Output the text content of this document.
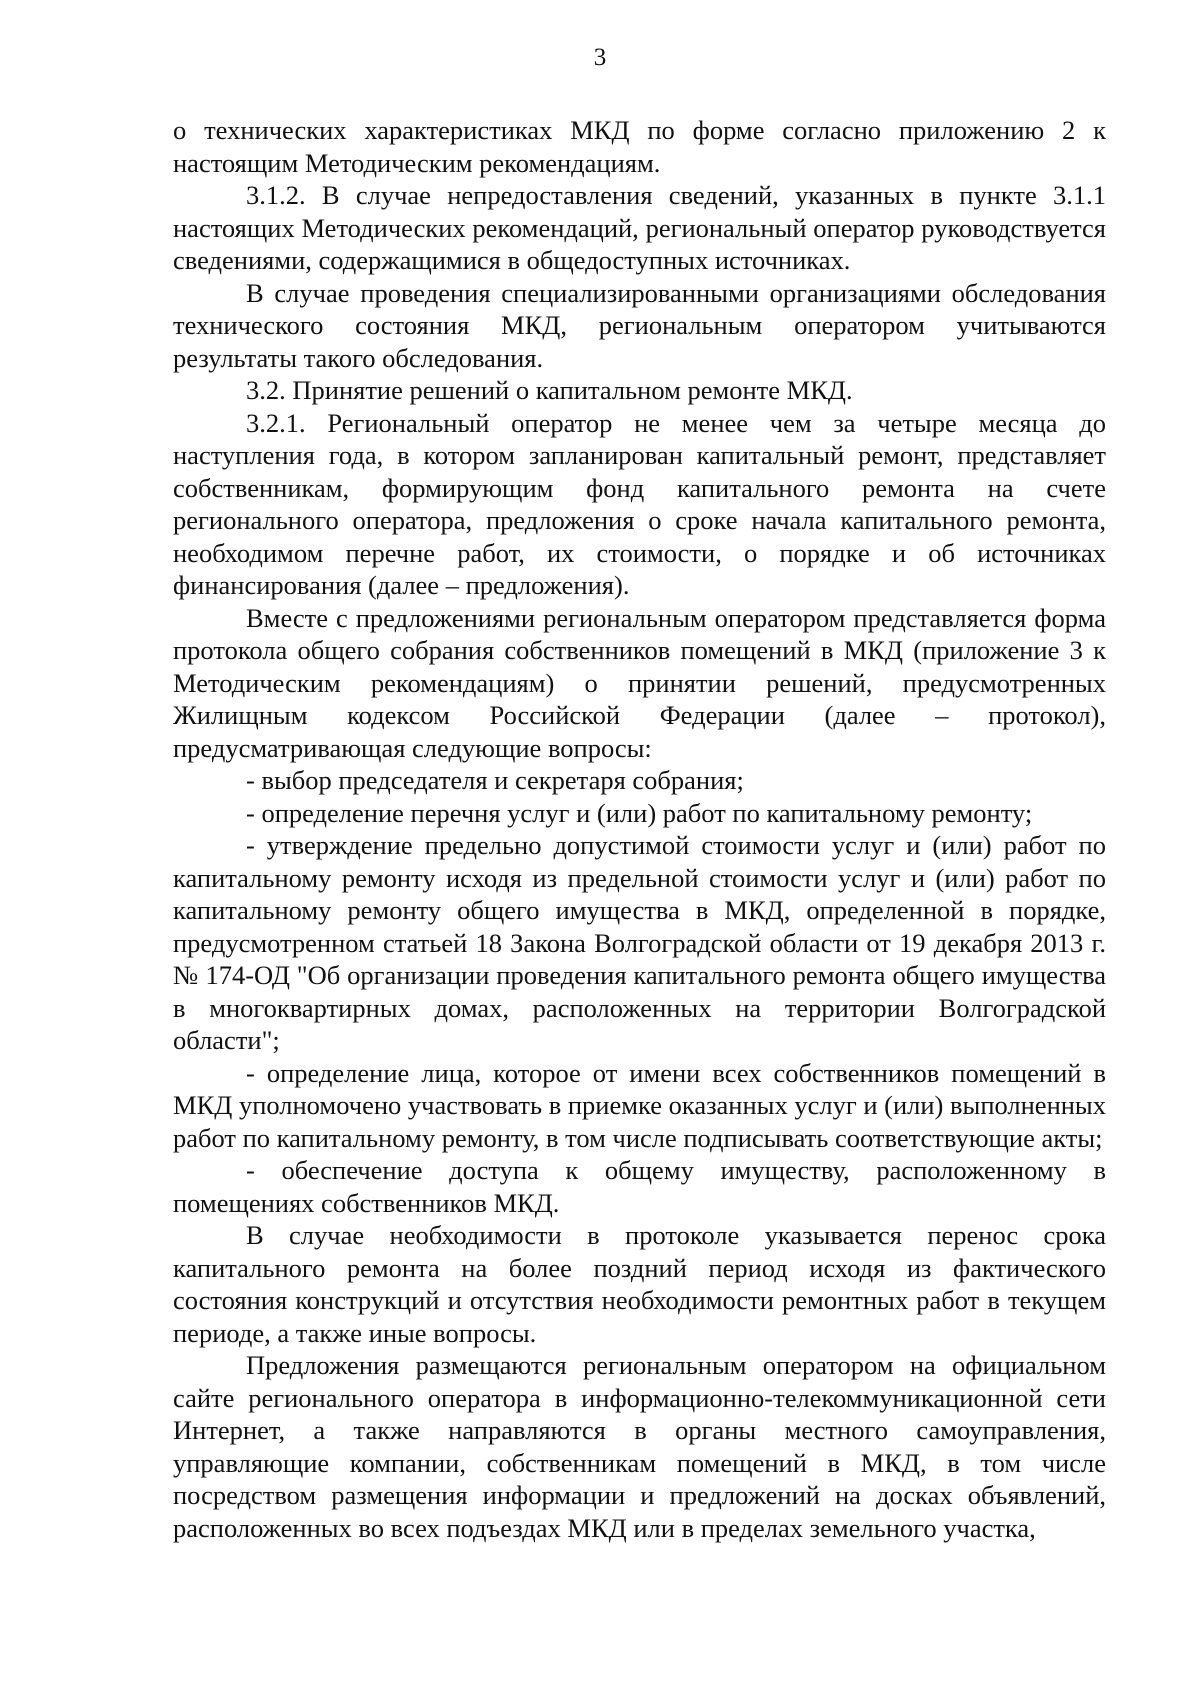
3

о технических характеристиках МКД по форме согласно приложению 2 к настоящим Методическим рекомендациям.

3.1.2. В случае непредоставления сведений, указанных в пункте 3.1.1 настоящих Методических рекомендаций, региональный оператор руководствуется сведениями, содержащимися в общедоступных источниках.

В случае проведения специализированными организациями обследования технического состояния МКД, региональным оператором учитываются результаты такого обследования.

3.2. Принятие решений о капитальном ремонте МКД.

3.2.1. Региональный оператор не менее чем за четыре месяца до наступления года, в котором запланирован капитальный ремонт, представляет собственникам, формирующим фонд капитального ремонта на счете регионального оператора, предложения о сроке начала капитального ремонта, необходимом перечне работ, их стоимости, о порядке и об источниках финансирования (далее – предложения).

Вместе с предложениями региональным оператором представляется форма протокола общего собрания собственников помещений в МКД (приложение 3 к Методическим рекомендациям) о принятии решений, предусмотренных Жилищным кодексом Российской Федерации (далее – протокол), предусматривающая следующие вопросы:

- выбор председателя и секретаря собрания;

- определение перечня услуг и (или) работ по капитальному ремонту;

- утверждение предельно допустимой стоимости услуг и (или) работ по капитальному ремонту исходя из предельной стоимости услуг и (или) работ по капитальному ремонту общего имущества в МКД, определенной в порядке, предусмотренном статьей 18 Закона Волгоградской области от 19 декабря 2013 г. № 174-ОД "Об организации проведения капитального ремонта общего имущества в многоквартирных домах, расположенных на территории Волгоградской области";

- определение лица, которое от имени всех собственников помещений в МКД уполномочено участвовать в приемке оказанных услуг и (или) выполненных работ по капитальному ремонту, в том числе подписывать соответствующие акты;

- обеспечение доступа к общему имуществу, расположенному в помещениях собственников МКД.

В случае необходимости в протоколе указывается перенос срока капитального ремонта на более поздний период исходя из фактического состояния конструкций и отсутствия необходимости ремонтных работ в текущем периоде, а также иные вопросы.

Предложения размещаются региональным оператором на официальном сайте регионального оператора в информационно-телекоммуникационной сети Интернет, а также направляются в органы местного самоуправления, управляющие компании, собственникам помещений в МКД, в том числе посредством размещения информации и предложений на досках объявлений, расположенных во всех подъездах МКД или в пределах земельного участка,
